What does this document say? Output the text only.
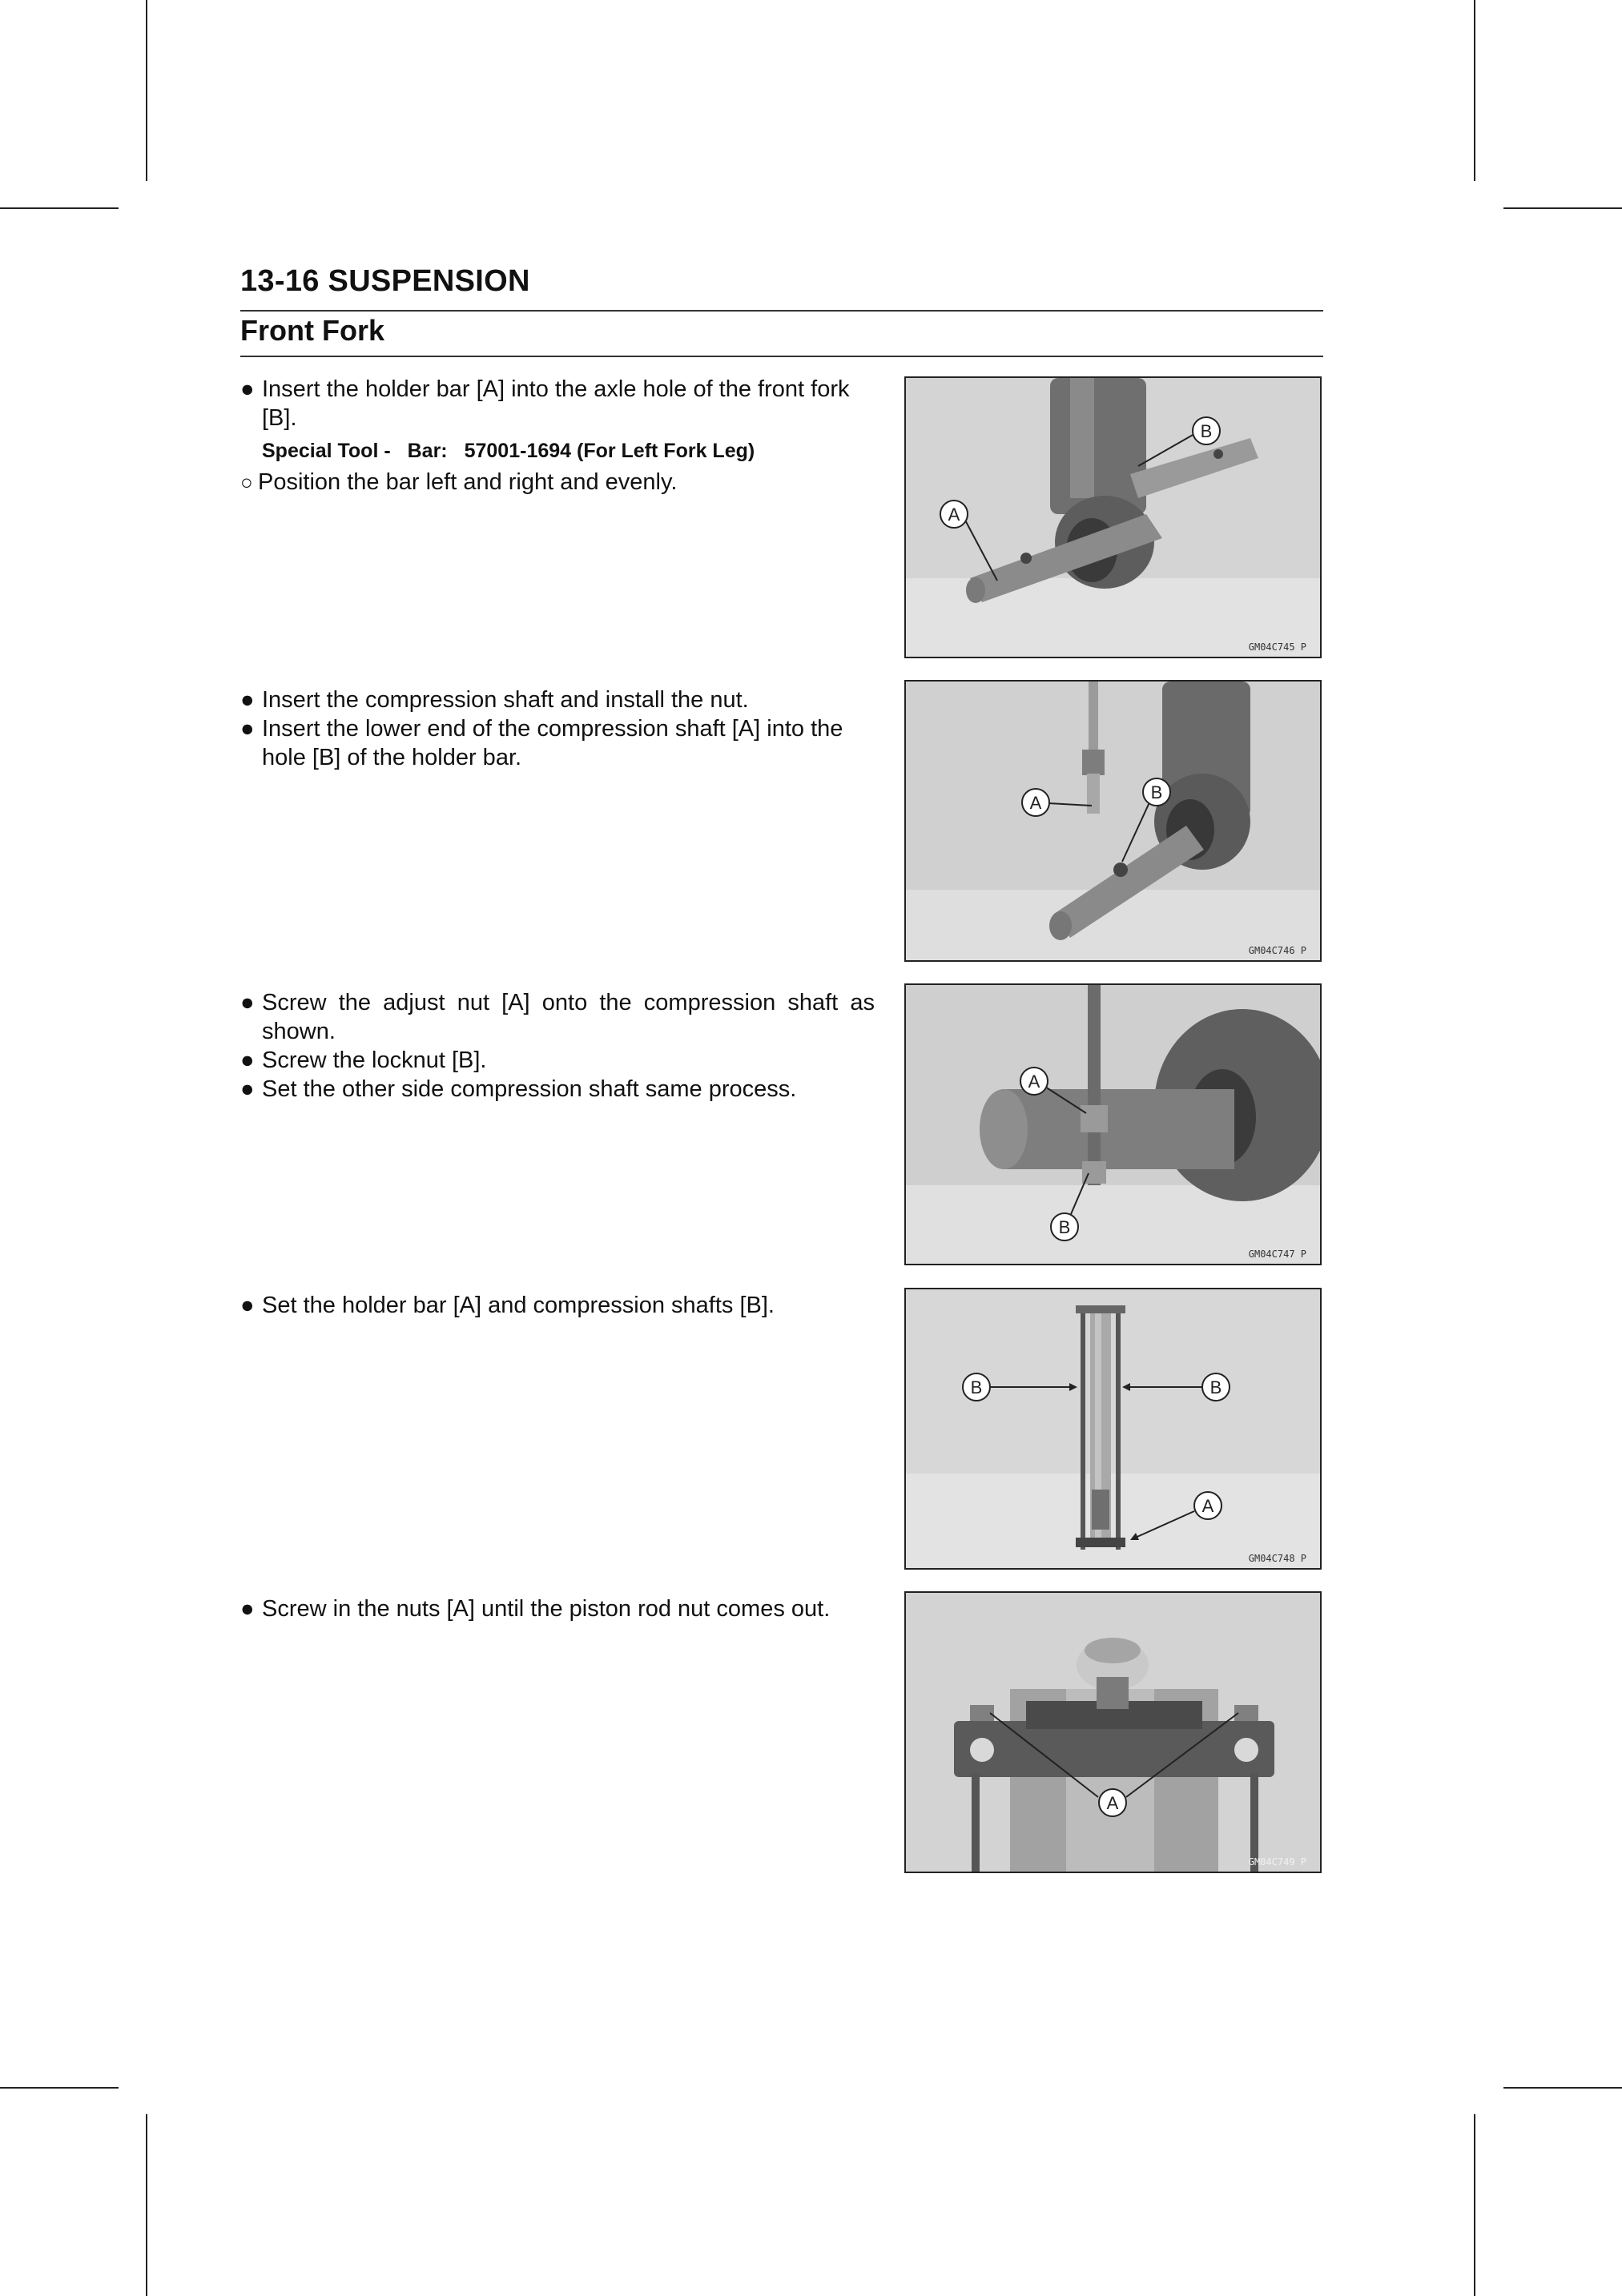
13-16 SUSPENSION
Front Fork

● Insert the holder bar [A] into the axle hole of the front fork [B].

Special Tool - Bar: 57001-1694 (For Left Fork Leg)

○ Position the bar left and right and evenly.

A
B
GM04C745 P

● Insert the compression shaft and install the nut.

● Insert the lower end of the compression shaft [A] into the hole [B] of the holder bar.

A
B
GM04C746 P

● Screw the adjust nut [A] onto the compression shaft as shown.

● Screw the locknut [B].

● Set the other side compression shaft same process.	A
B
GM04C747 P

● Set the holder bar [A] and compression shafts [B].

B	B
A
GM04C748 P

● Screw in the nuts [A] until the piston rod nut comes out.

A
GM04C749 P
